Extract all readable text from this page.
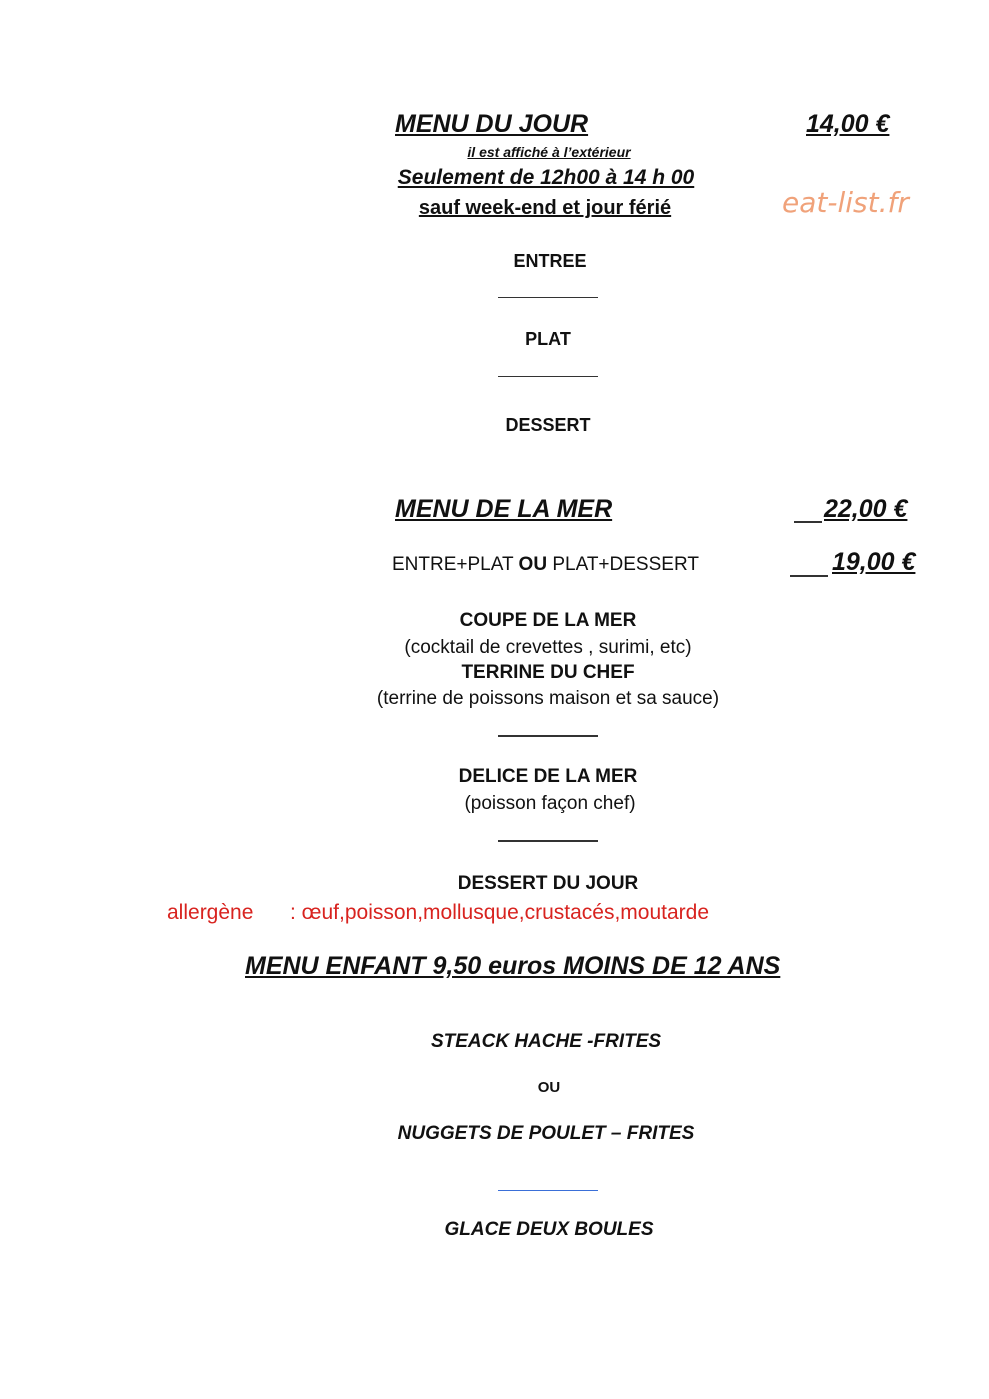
MENU DU JOUR	14,00 €
il est affiché à l’extérieur
Seulement de 12h00 à 14 h 00
sauf week-end et jour férié	eat-list.fr
ENTREE
PLAT
DESSERT
MENU DE LA MER	22,00 €
ENTRE+PLAT OU PLAT+DESSERT	19,00 €
COUPE DE LA MER
(cocktail de crevettes , surimi, etc)
TERRINE DU CHEF
(terrine de poissons maison et sa sauce)
DELICE DE LA MER
(poisson façon chef)
DESSERT DU JOUR
allergène : œuf,poisson,mollusque,crustacés,moutarde
MENU ENFANT 9,50 euros MOINS DE 12 ANS
STEACK HACHE -FRITES
OU
NUGGETS DE POULET – FRITES
GLACE DEUX BOULES
